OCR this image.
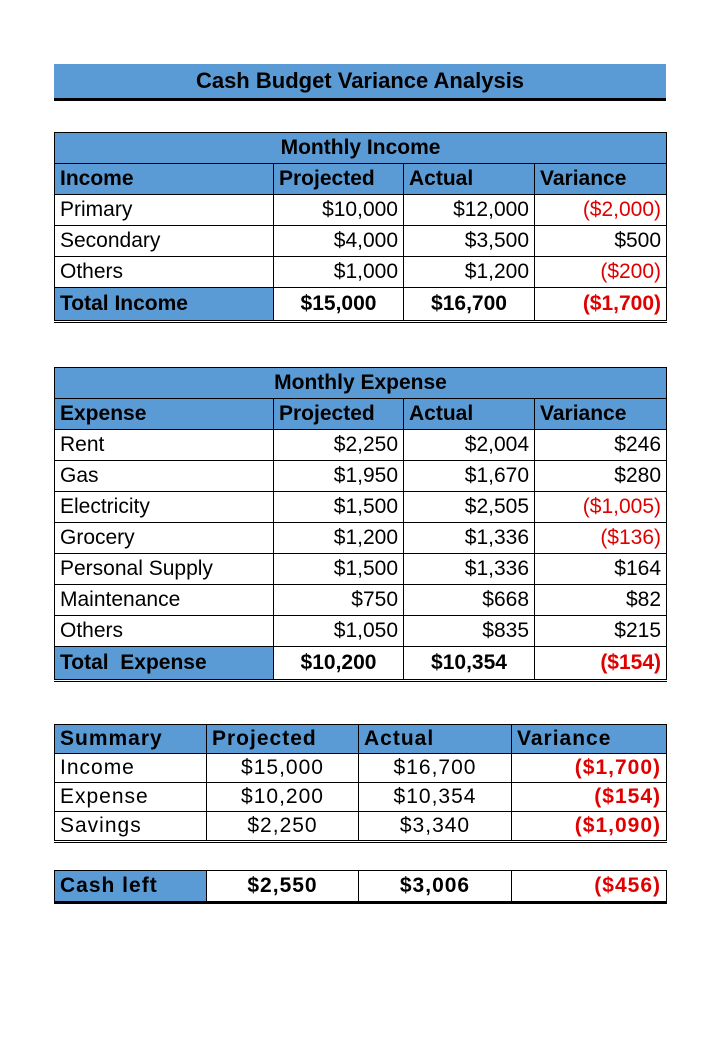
Cash Budget Variance Analysis
Monthly Income			
Income	Projected	Actual	Variance
Primary	$10,000	$12,000	($2,000)
Secondary	$4,000	$3,500	$500
Others	$1,000	$1,200	($200)
Total Income	$15,000	$16,700	($1,700)
Monthly Expense			
Expense	Projected	Actual	Variance
Rent	$2,250	$2,004	$246
Gas	$1,950	$1,670	$280
Electricity	$1,500	$2,505	($1,005)
Grocery	$1,200	$1,336	($136)
Personal Supply	$1,500	$1,336	$164
Maintenance	$750	$668	$82
Others	$1,050	$835	$215
Total  Expense	$10,200	$10,354	($154)
Summary	Projected	Actual	Variance
Income	$15,000	$16,700	($1,700)
Expense	$10,200	$10,354	($154)
Savings	$2,250	$3,340	($1,090)
Cash left	$2,550	$3,006	($456)
